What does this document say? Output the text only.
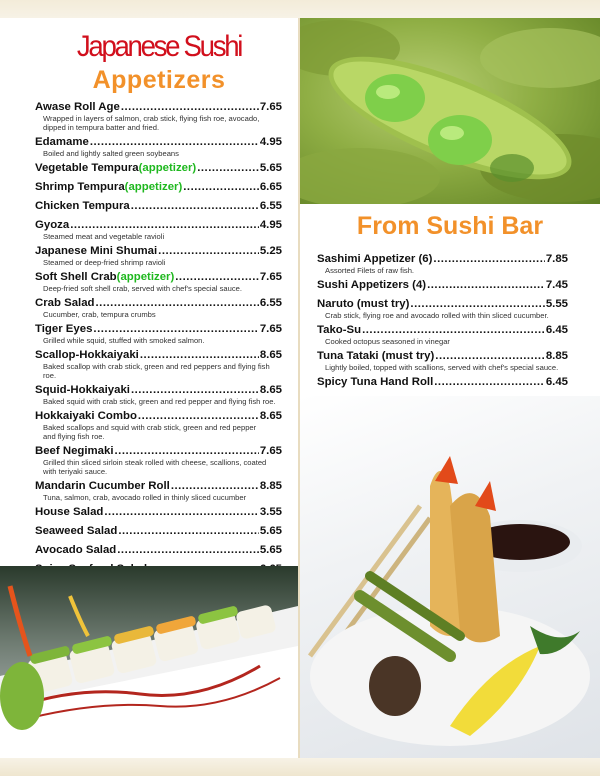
Japanese Sushi
Appetizers
Awase Roll Age .....	7.65
Wrapped in layers of salmon, crab stick, flying fish roe, avocado,
dipped in tempura batter and fried.
Edamame .....	4.95
Boiled and lightly salted green soybeans
Vegetable Tempura (appetizer) .....	5.65
Shrimp Tempura (appetizer) .....	6.65
Chicken Tempura .....	6.55
Gyoza .....	4.95
Steamed meat and vegetable ravioli
Japanese Mini Shumai .....	5.25
Steamed or deep-fried shrimp ravioli
Soft Shell Crab (appetizer) .....	7.65
Deep-fried soft shell crab, served with chef's special sauce.
Crab Salad .....	6.55
Cucumber, crab, tempura crumbs
Tiger Eyes .....	7.65
Grilled while squid, stuffed with smoked salmon.
Scallop-Hokkaiyaki .....	8.65
Baked scallop with crab stick, green and red peppers and flying fish roe.
Squid-Hokkaiyaki .....	8.65
Baked squid with crab stick, green and red pepper and flying fish roe.
Hokkaiyaki Combo .....	8.65
Baked scallops and squid with crab stick, green and red pepper
and flying fish roe.
Beef Negimaki .....	7.65
Grilled thin sliced sirloin steak rolled with cheese, scallions, coated
with teriyaki sauce.
Mandarin Cucumber Roll .....	8.85
Tuna, salmon, crab, avocado rolled in thinly sliced cucumber
House Salad .....	3.55
Seaweed Salad .....	5.65
Avocado Salad .....	5.65
.....
From Sushi Bar
Sashimi Appetizer (6) .....	7.85
Assorted Filets of raw fish.
Sushi Appetizers (4) .....	7.45
Naruto (must try) .....	5.55
Crab stick, flying roe and avocado rolled with thin sliced cucumber.
Tako-Su .....	6.45
Cooked octopus seasoned in vinegar
Tuna Tataki (must try) .....	8.85
Lightly boiled, topped with scallions, served with chef's special sauce.
Spicy Tuna Hand Roll .....	6.45
